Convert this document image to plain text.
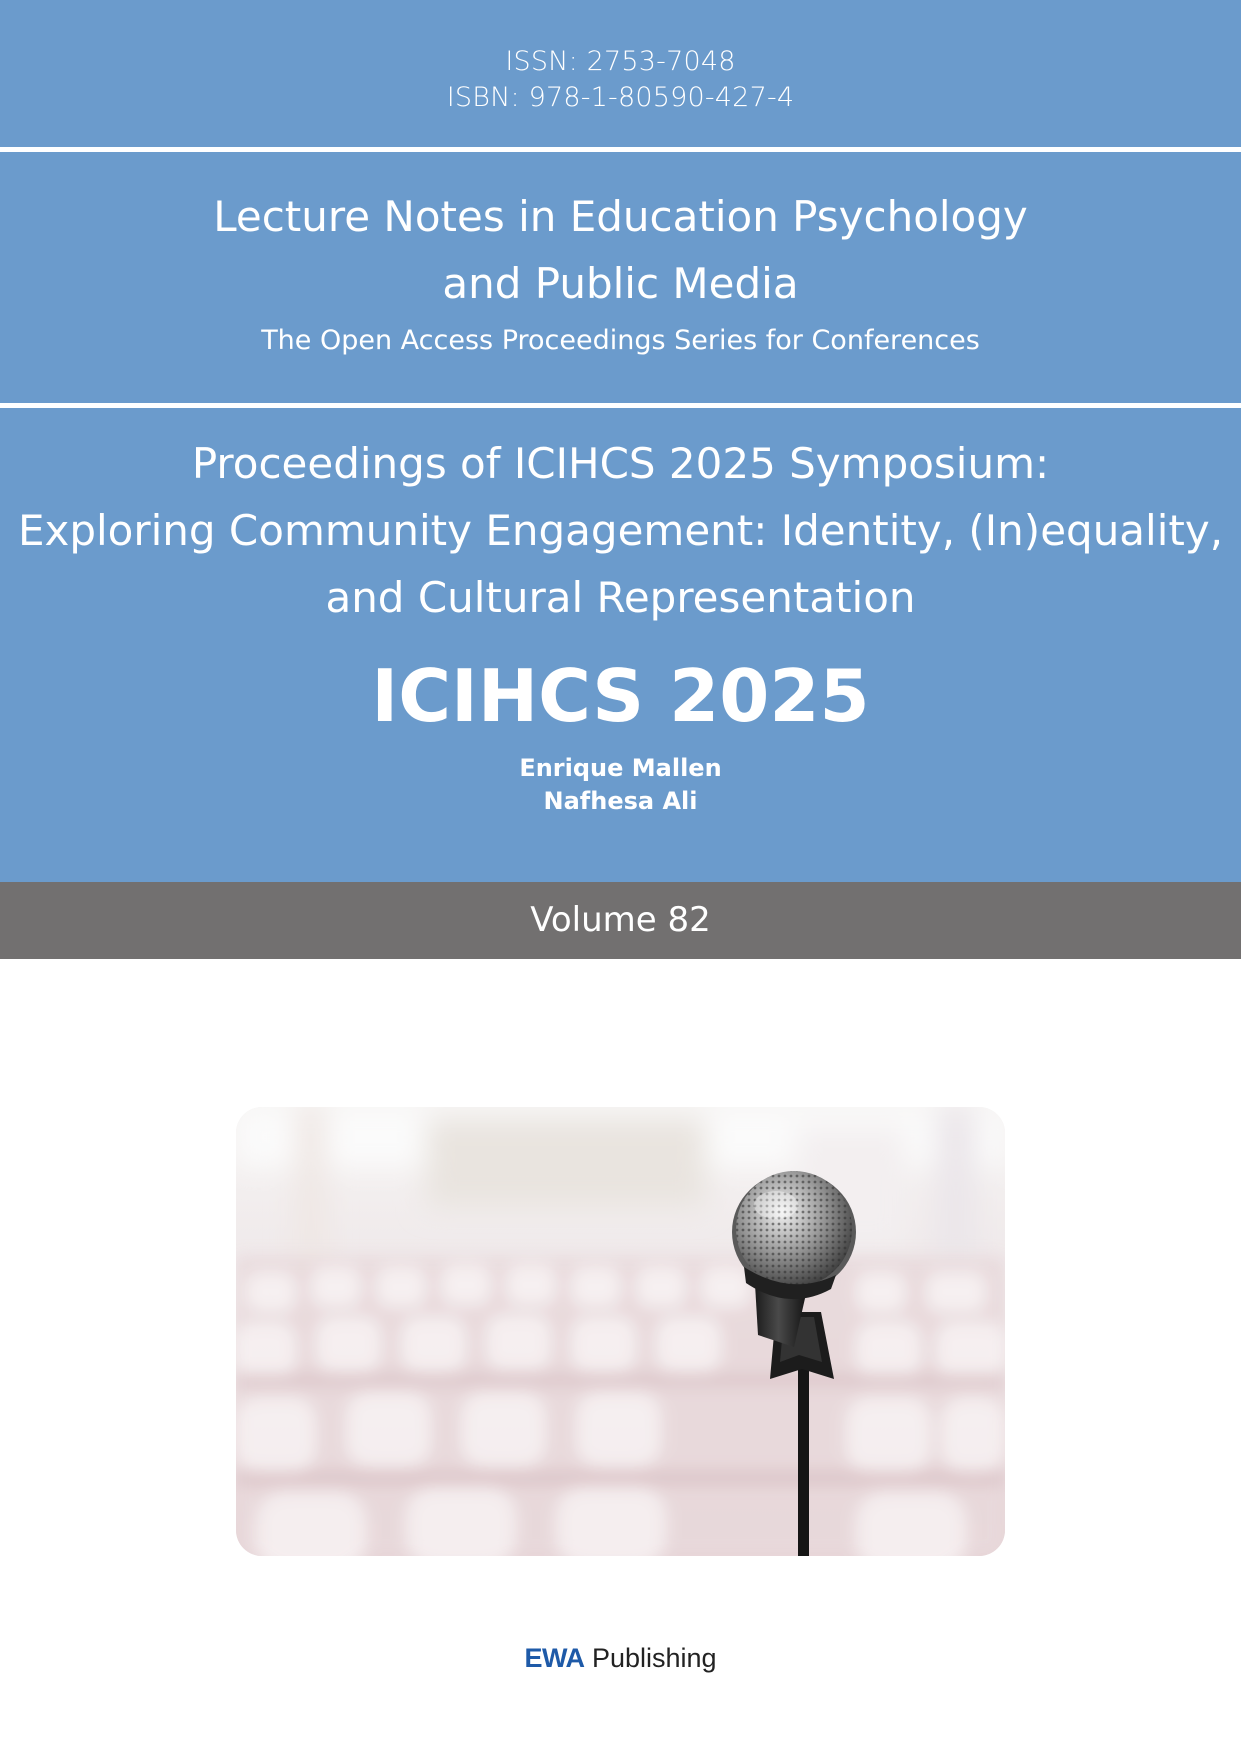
ISSN: 2753-7048
ISBN: 978-1-80590-427-4
Lecture Notes in Education Psychology
and Public Media
The Open Access Proceedings Series for Conferences
Proceedings of ICIHCS 2025 Symposium:
Exploring Community Engagement: Identity, (In)equality,
and Cultural Representation
ICIHCS 2025
Enrique Mallen
Nafhesa Ali
Volume 82
EWA Publishing
